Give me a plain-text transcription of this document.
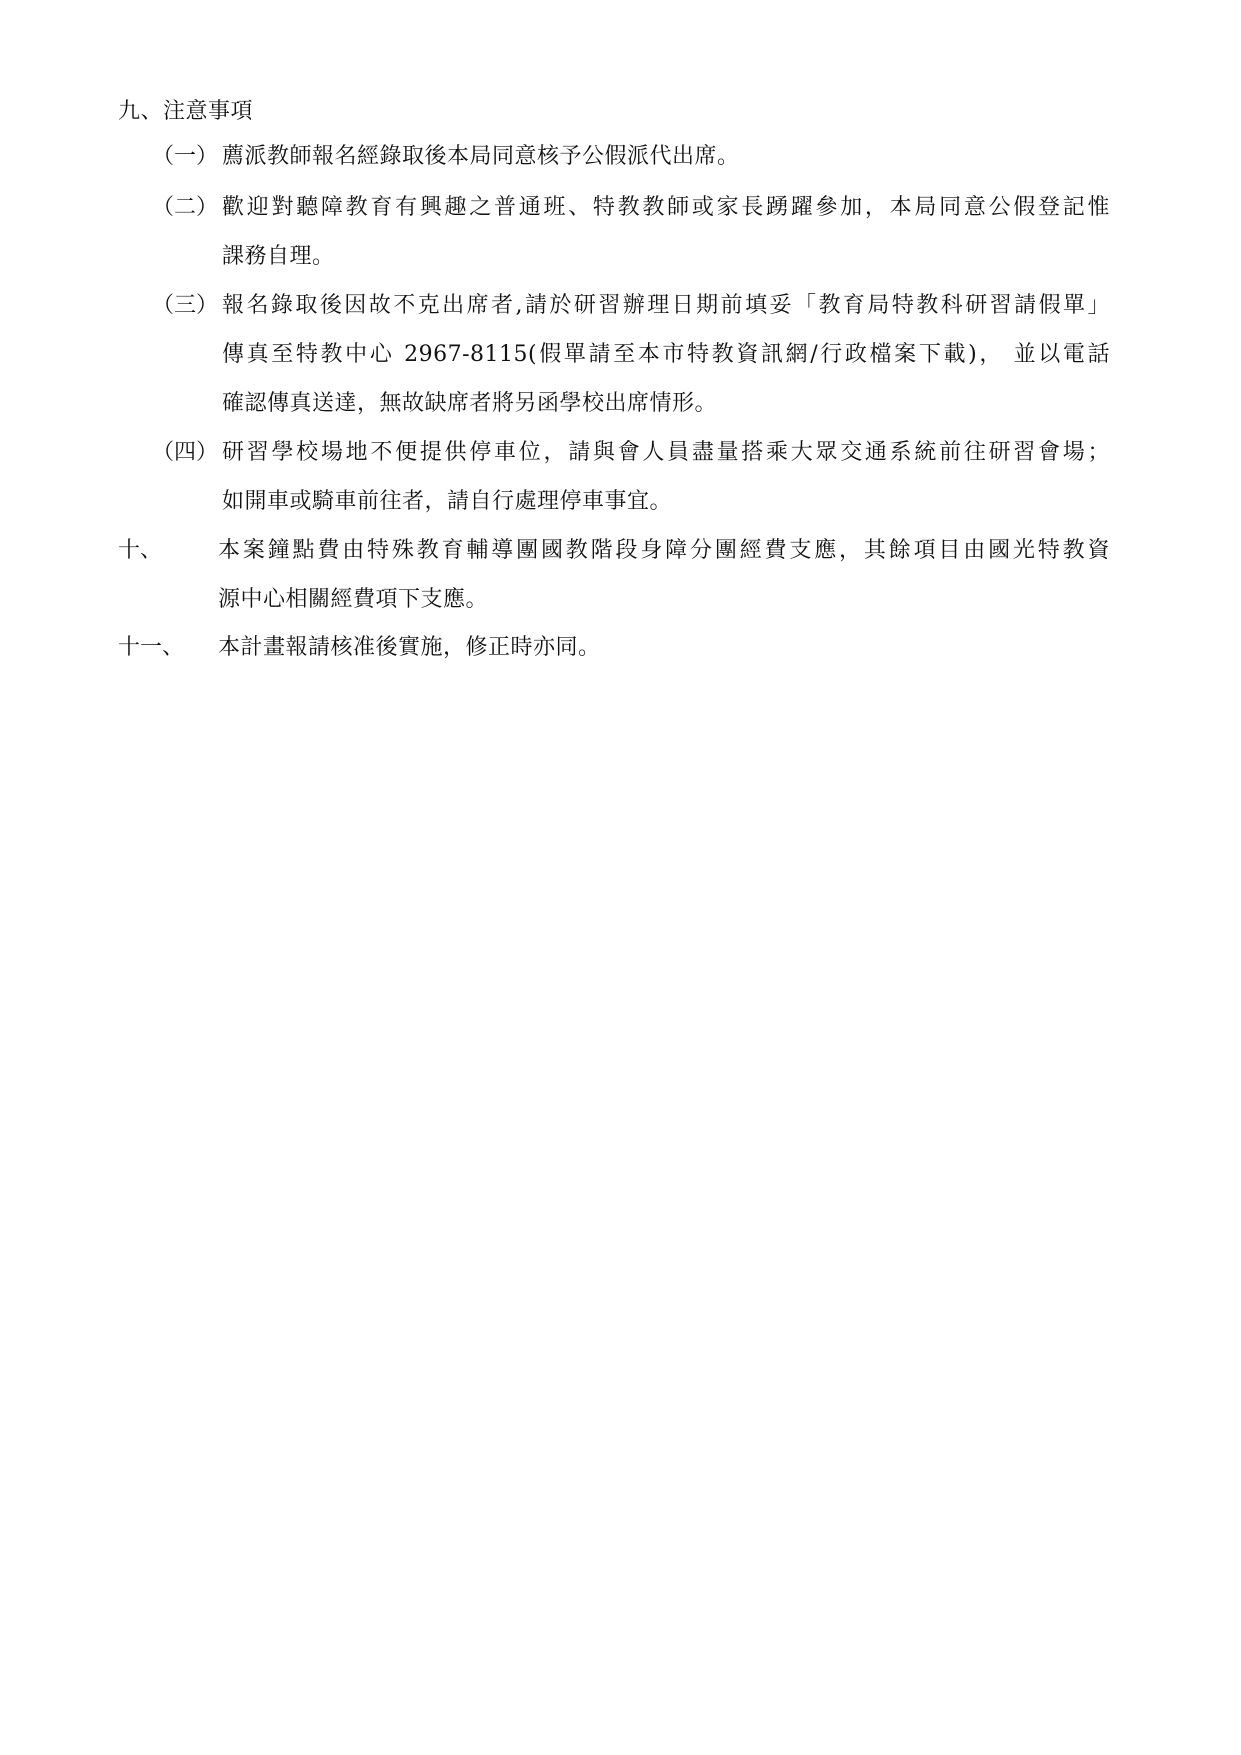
九、注意事項
（一） 薦派教師報名經錄取後本局同意核予公假派代出席。
（二） 歡迎對聽障教育有興趣之普通班、特教教師或家長踴躍參加，本局同意公假登記惟
課務自理。
（三） 報名錄取後因故不克出席者,請於研習辦理日期前填妥「教育局特教科研習請假單」
傳真至特教中心 2967-8115(假單請至本市特教資訊網/行政檔案下載)， 並以電話
確認傳真送達，無故缺席者將另函學校出席情形。
（四） 研習學校場地不便提供停車位，請與會人員盡量搭乘大眾交通系統前往研習會場；
如開車或騎車前往者，請自行處理停車事宜。
十、	本案鐘點費由特殊教育輔導團國教階段身障分團經費支應，其餘項目由國光特教資
源中心相關經費項下支應。
十一、 本計畫報請核准後實施，修正時亦同。
